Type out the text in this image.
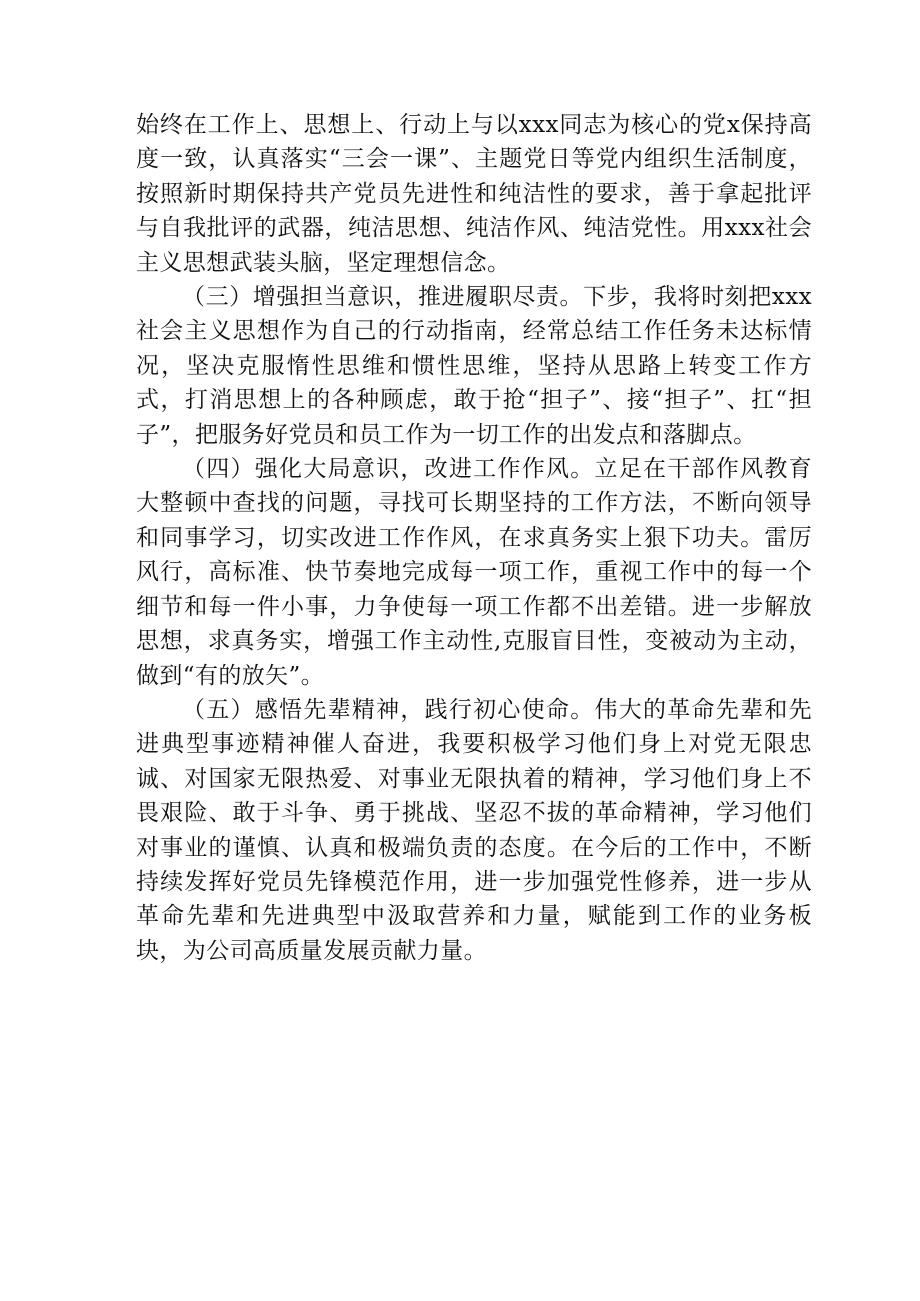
始终在工作上、思想上、行动上与以xxx同志为核心的党x保持高度一致，认真落实“三会一课”、主题党日等党内组织生活制度，按照新时期保持共产党员先进性和纯洁性的要求，善于拿起批评与自我批评的武器，纯洁思想、纯洁作风、纯洁党性。用xxx社会主义思想武装头脑，坚定理想信念。

（三）增强担当意识，推进履职尽责。下步，我将时刻把xxx社会主义思想作为自己的行动指南，经常总结工作任务未达标情况，坚决克服惰性思维和惯性思维，坚持从思路上转变工作方式，打消思想上的各种顾虑，敢于抢“担子”、接“担子”、扛“担子”，把服务好党员和员工作为一切工作的出发点和落脚点。

（四）强化大局意识，改进工作作风。立足在干部作风教育大整顿中查找的问题，寻找可长期坚持的工作方法，不断向领导和同事学习，切实改进工作作风，在求真务实上狠下功夫。雷厉风行，高标准、快节奏地完成每一项工作，重视工作中的每一个细节和每一件小事，力争使每一项工作都不出差错。进一步解放思想，求真务实，增强工作主动性,克服盲目性，变被动为主动，做到“有的放矢”。

（五）感悟先辈精神，践行初心使命。伟大的革命先辈和先进典型事迹精神催人奋进，我要积极学习他们身上对党无限忠诚、对国家无限热爱、对事业无限执着的精神，学习他们身上不畏艰险、敢于斗争、勇于挑战、坚忍不拔的革命精神，学习他们对事业的谨慎、认真和极端负责的态度。在今后的工作中，不断持续发挥好党员先锋模范作用，进一步加强党性修养，进一步从革命先辈和先进典型中汲取营养和力量，赋能到工作的业务板块，为公司高质量发展贡献力量。
